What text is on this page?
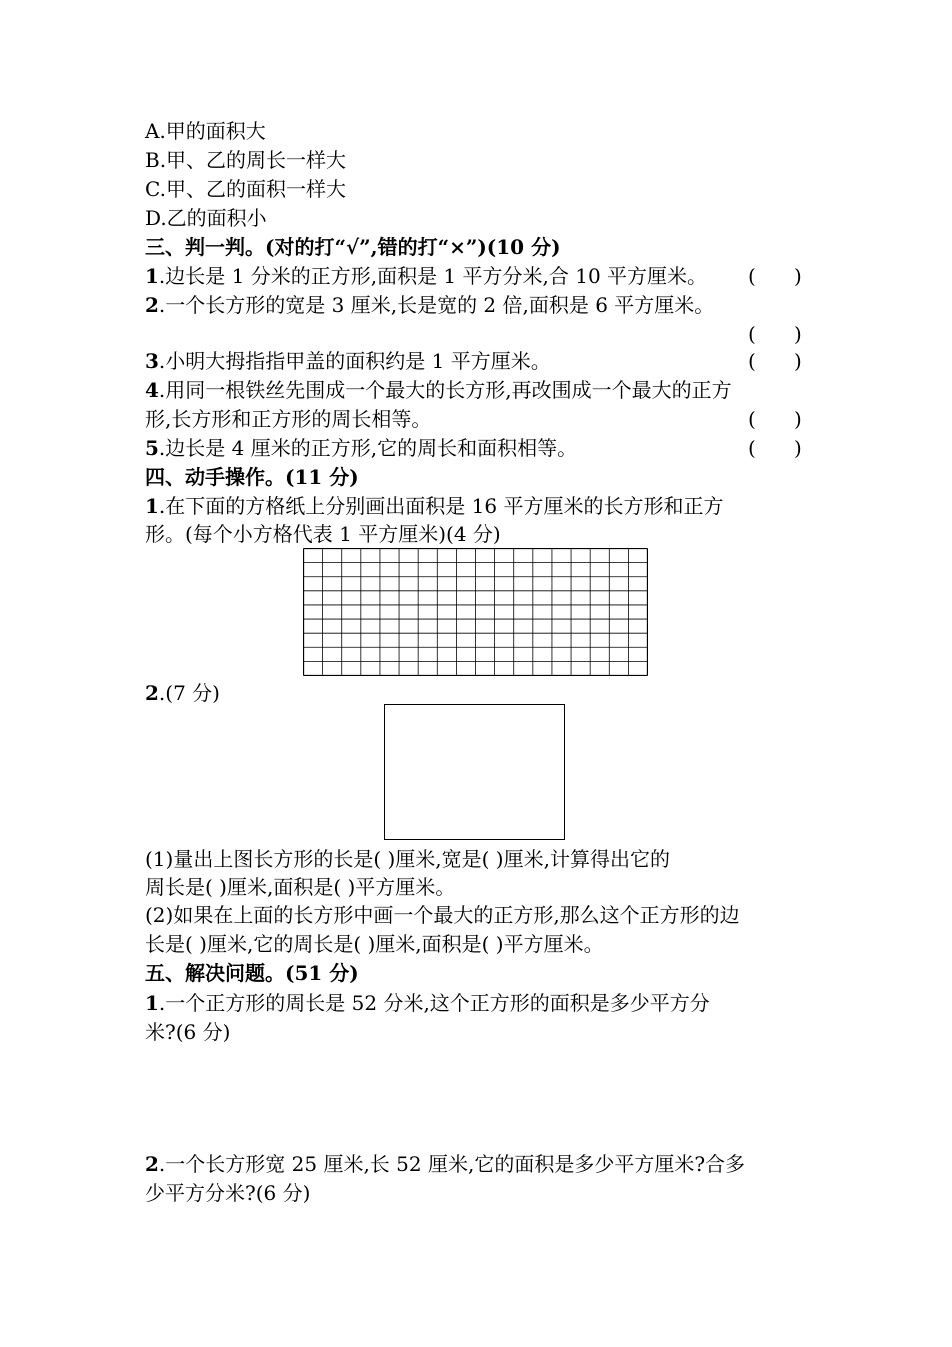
A.甲的面积大
B.甲、乙的周长一样大
C.甲、乙的面积一样大
D.乙的面积小
三、判一判。(对的打“√”,错的打“×”)(10 分)
1.边长是 1 分米的正方形,面积是 1 平方分米,合 10 平方厘米。 (      )
2.一个长方形的宽是 3 厘米,长是宽的 2 倍,面积是 6 平方厘米。
(      )
3.小明大拇指指甲盖的面积约是 1 平方厘米。	(      )
4.用同一根铁丝先围成一个最大的长方形,再改围成一个最大的正方
形,长方形和正方形的周长相等。	(      )
5.边长是 4 厘米的正方形,它的周长和面积相等。	(      )
四、动手操作。(11 分)
1.在下面的方格纸上分别画出面积是 16 平方厘米的长方形和正方
形。(每个小方格代表 1 平方厘米)(4 分)
2.(7 分)
(1)量出上图长方形的长是( )厘米,宽是( )厘米,计算得出它的
周长是( )厘米,面积是( )平方厘米。
(2)如果在上面的长方形中画一个最大的正方形,那么这个正方形的边
长是( )厘米,它的周长是( )厘米,面积是( )平方厘米。
五、解决问题。(51 分)
1.一个正方形的周长是 52 分米,这个正方形的面积是多少平方分
米?(6 分)
2.一个长方形宽 25 厘米,长 52 厘米,它的面积是多少平方厘米?合多
少平方分米?(6 分)
